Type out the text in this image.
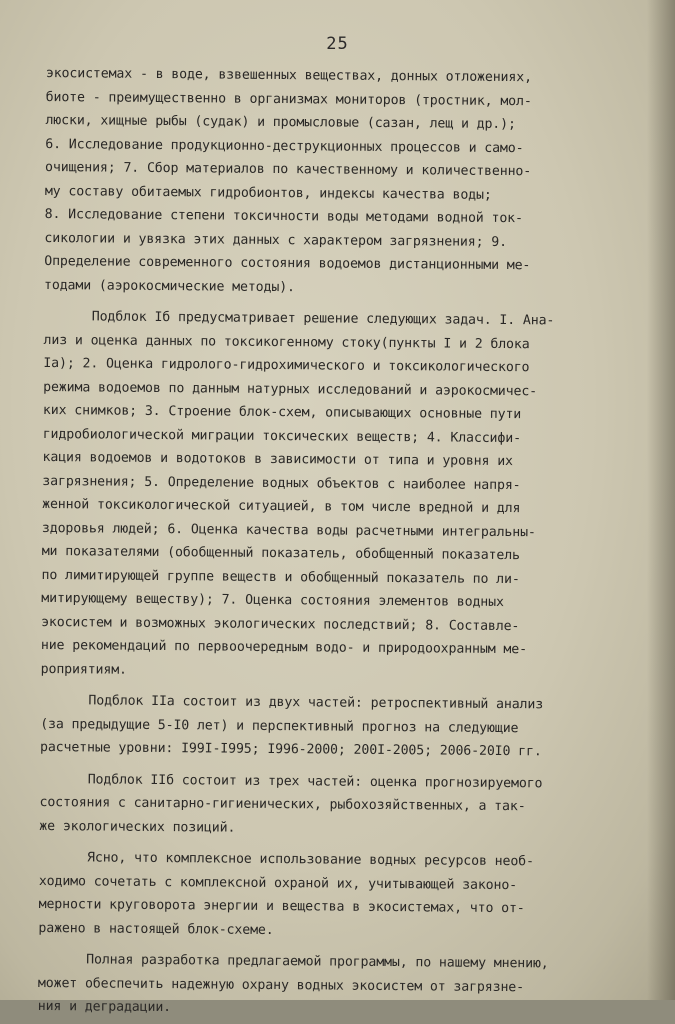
25
экосистемах - в воде, взвешенных веществах, донных отложениях,
биоте - преимущественно в организмах мониторов (тростник, мол-
люски, хищные рыбы (судак) и промысловые (сазан, лещ и др.);
6. Исследование продукционно-деструкционных процессов и само-
очищения; 7. Сбор материалов по качественному и количественно-
му составу обитаемых гидробионтов, индексы качества воды;
8. Исследование степени токсичности воды методами водной ток-
сикологии и увязка этих данных с характером загрязнения; 9.
Определение современного состояния водоемов дистанционными ме-
тодами (аэрокосмические методы).
Подблок Iб предусматривает решение следующих задач. I. Ана-
лиз и оценка данных по токсикогенному стоку(пункты I и 2 блока
Iа); 2. Оценка гидролого-гидрохимического и токсикологического
режима водоемов по данным натурных исследований и аэрокосмичес-
ких снимков; 3. Строение блок-схем, описывающих основные пути
гидробиологической миграции токсических веществ; 4. Классифи-
кация водоемов и водотоков в зависимости от типа и уровня их
загрязнения; 5. Определение водных объектов с наиболее напря-
женной токсикологической ситуацией, в том числе вредной и для
здоровья людей; 6. Оценка качества воды расчетными интегральны-
ми показателями (обобщенный показатель, обобщенный показатель
по лимитирующей группе веществ и обобщенный показатель по ли-
митирующему веществу); 7. Оценка состояния элементов водных
экосистем и возможных экологических последствий; 8. Составле-
ние рекомендаций по первоочередным водо- и природоохранным ме-
роприятиям.
Подблок IIа состоит из двух частей: ретроспективный анализ
(за предыдущие 5-I0 лет) и перспективный прогноз на следующие
расчетные уровни: I99I-I995; I996-2000; 200I-2005; 2006-20I0 гг.
Подблок IIб состоит из трех частей: оценка прогнозируемого
состояния с санитарно-гигиенических, рыбохозяйственных, а так-
же экологических позиций.
Ясно, что комплексное использование водных ресурсов необ-
ходимо сочетать с комплексной охраной их, учитывающей законо-
мерности круговорота энергии и вещества в экосистемах, что от-
ражено в настоящей блок-схеме.
Полная разработка предлагаемой программы, по нашему мнению,
может обеспечить надежную охрану водных экосистем от загрязне-
ния и деградации.
